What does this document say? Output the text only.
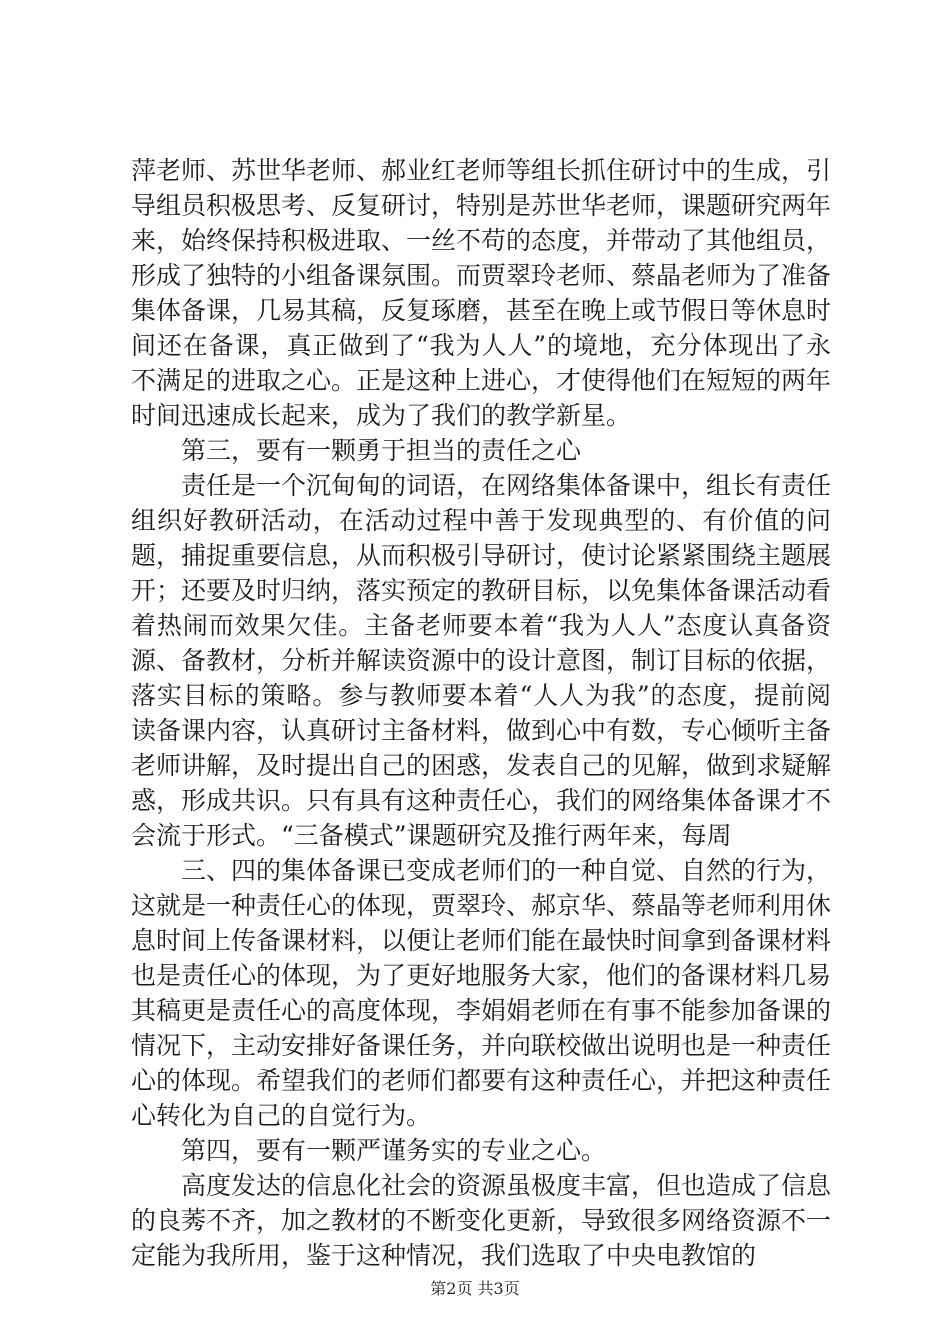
萍老师、苏世华老师、郝业红老师等组长抓住研讨中的生成，引导组员积极思考、反复研讨，特别是苏世华老师，课题研究两年来，始终保持积极进取、一丝不苟的态度，并带动了其他组员，形成了独特的小组备课氛围。而贾翠玲老师、蔡晶老师为了准备集体备课，几易其稿，反复琢磨，甚至在晚上或节假日等休息时间还在备课，真正做到了“我为人人”的境地，充分体现出了永不满足的进取之心。正是这种上进心，才使得他们在短短的两年时间迅速成长起来，成为了我们的教学新星。

第三，要有一颗勇于担当的责任之心

责任是一个沉甸甸的词语，在网络集体备课中，组长有责任组织好教研活动，在活动过程中善于发现典型的、有价值的问题，捕捉重要信息，从而积极引导研讨，使讨论紧紧围绕主题展开；还要及时归纳，落实预定的教研目标，以免集体备课活动看着热闹而效果欠佳。主备老师要本着“我为人人”态度认真备资源、备教材，分析并解读资源中的设计意图，制订目标的依据，落实目标的策略。参与教师要本着“人人为我”的态度，提前阅读备课内容，认真研讨主备材料，做到心中有数，专心倾听主备老师讲解，及时提出自己的困惑，发表自己的见解，做到求疑解惑，形成共识。只有具有这种责任心，我们的网络集体备课才不会流于形式。“三备模式”课题研究及推行两年来，每周

三、四的集体备课已变成老师们的一种自觉、自然的行为，这就是一种责任心的体现，贾翠玲、郝京华、蔡晶等老师利用休息时间上传备课材料，以便让老师们能在最快时间拿到备课材料也是责任心的体现，为了更好地服务大家，他们的备课材料几易其稿更是责任心的高度体现，李娟娟老师在有事不能参加备课的情况下，主动安排好备课任务，并向联校做出说明也是一种责任心的体现。希望我们的老师们都要有这种责任心，并把这种责任心转化为自己的自觉行为。

第四，要有一颗严谨务实的专业之心。

高度发达的信息化社会的资源虽极度丰富，但也造成了信息的良莠不齐，加之教材的不断变化更新，导致很多网络资源不一定能为我所用，鉴于这种情况，我们选取了中央电教馆的

第2页 共3页
